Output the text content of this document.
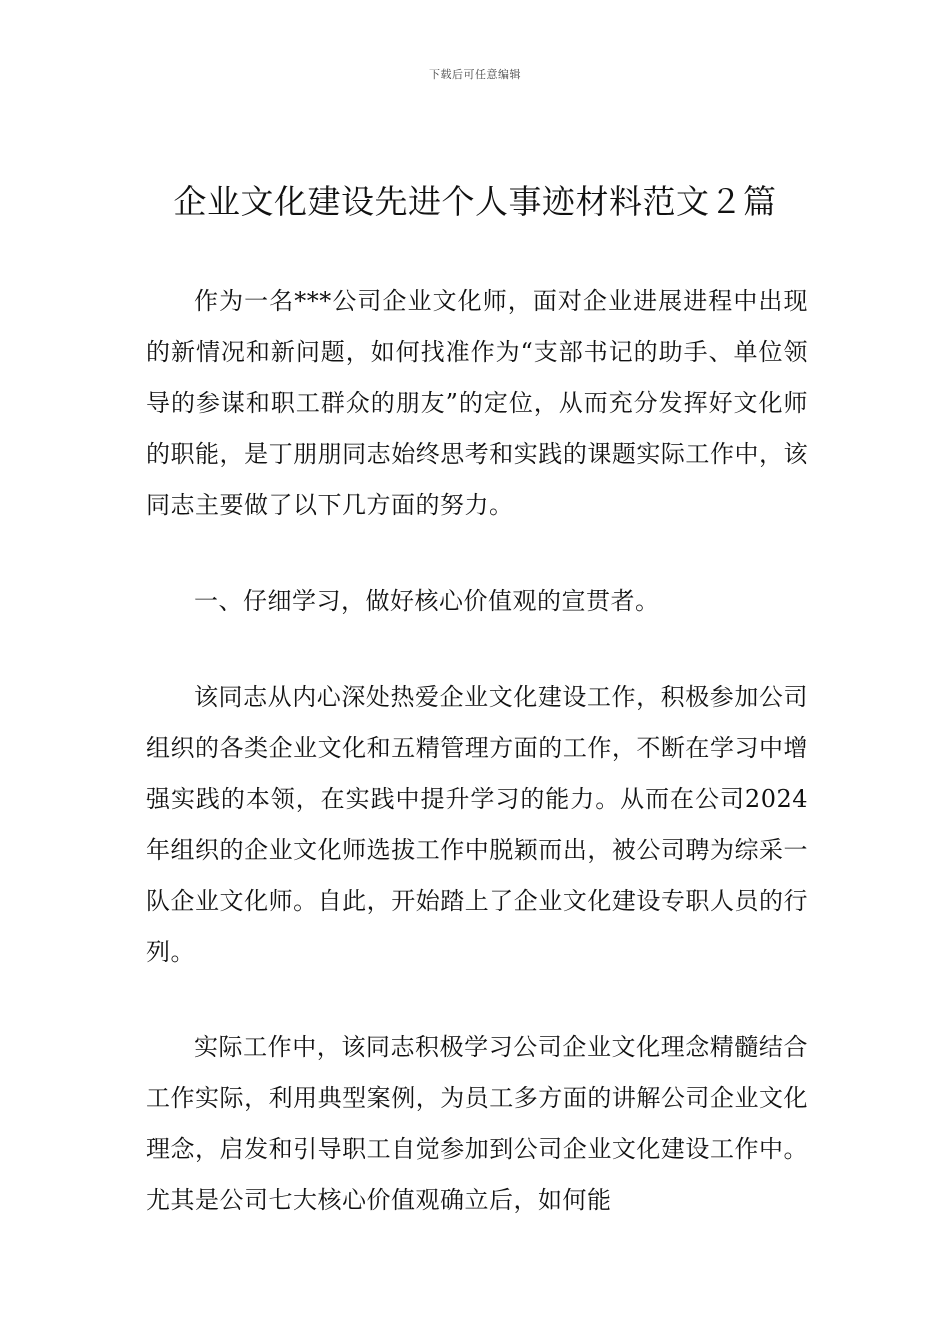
下载后可任意编辑
企业文化建设先进个人事迹材料范文２篇

作为一名***公司企业文化师，面对企业进展进程中出现的新情况和新问题，如何找准作为“支部书记的助手、单位领导的参谋和职工群众的朋友”的定位，从而充分发挥好文化师的职能，是丁朋朋同志始终思考和实践的课题实际工作中，该同志主要做了以下几方面的努力。

一、仔细学习，做好核心价值观的宣贯者。

该同志从内心深处热爱企业文化建设工作，积极参加公司组织的各类企业文化和五精管理方面的工作，不断在学习中增强实践的本领，在实践中提升学习的能力。从而在公司2024年组织的企业文化师选拔工作中脱颖而出，被公司聘为综采一队企业文化师。自此，开始踏上了企业文化建设专职人员的行列。

实际工作中，该同志积极学习公司企业文化理念精髓结合工作实际，利用典型案例，为员工多方面的讲解公司企业文化理念，启发和引导职工自觉参加到公司企业文化建设工作中。尤其是公司七大核心价值观确立后，如何能
